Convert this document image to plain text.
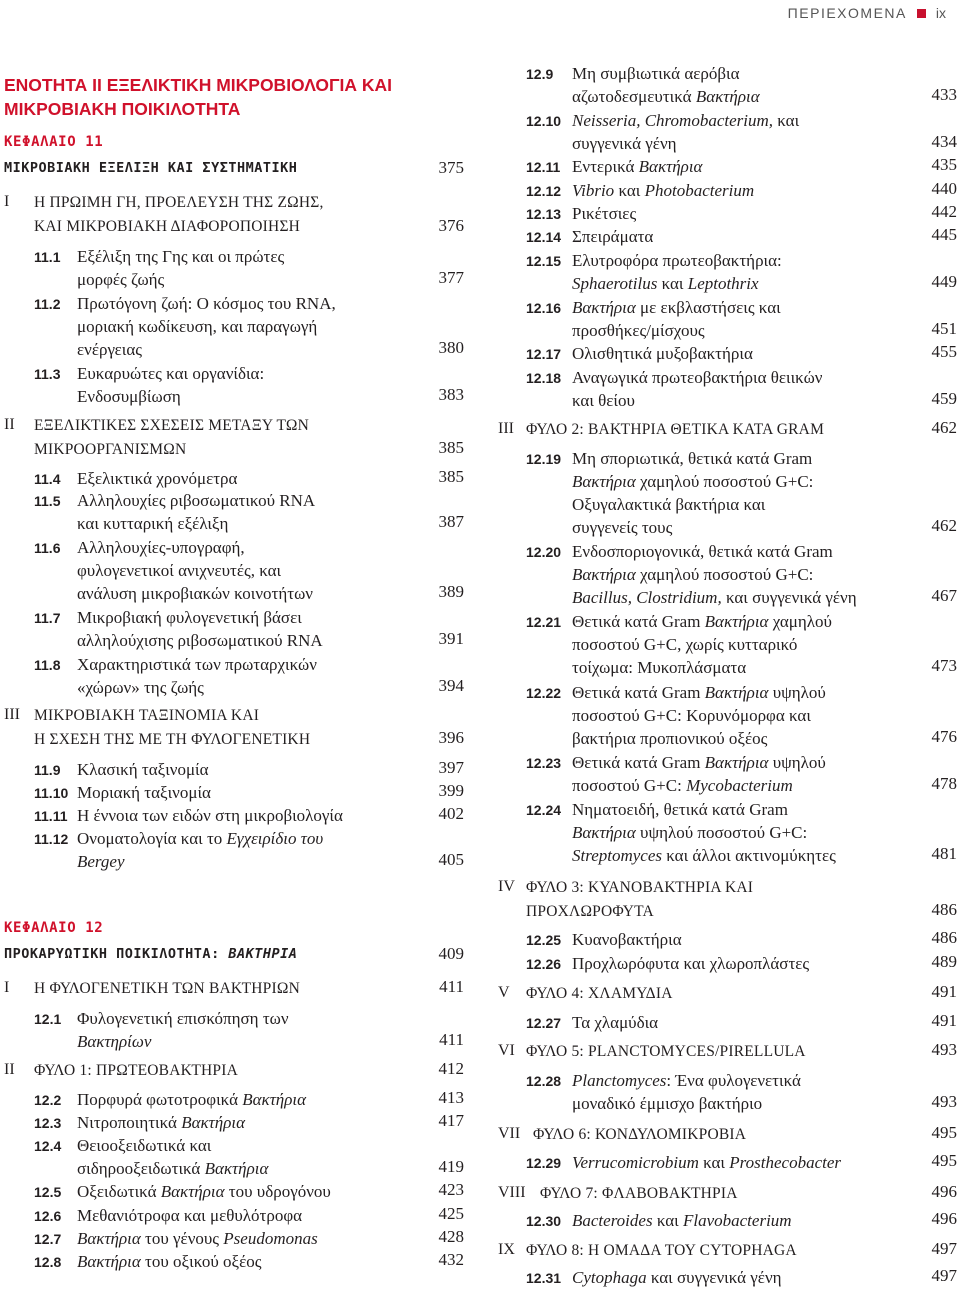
ΠΕΡΙΕΧΟΜΕΝΑ ix
ΕΝΟΤΗΤΑ ΙΙ ΕΞΕΛΙΚΤΙΚΗ ΜΙΚΡΟΒΙΟΛΟΓΙΑ ΚΑΙ
ΜΙΚΡΟΒΙΑΚΗ ΠΟΙΚΙΛΟΤΗΤΑ
ΚΕΦΑΛΑΙΟ 11
ΜΙΚΡΟΒΙΑΚΗ ΕΞΕΛΙΞΗ ΚΑΙ ΣΥΣΤΗΜΑΤΙΚΗ	375
I Η ΠΡΩΙΜΗ ΓΗ, ΠΡΟΕΛΕΥΣΗ ΤΗΣ ΖΩΗΣ,
ΚΑΙ ΜΙΚΡΟΒΙΑΚΗ ΔΙΑΦΟΡΟΠΟΙΗΣΗ	376
11.1 Εξέλιξη της Γης και οι πρώτες
μορφές ζωής	377
11.2 Πρωτόγονη ζωή: Ο κόσμος του RNA,
μοριακή κωδίκευση, και παραγωγή
ενέργειας	380
11.3 Ευκαρυώτες και οργανίδια:
Ενδοσυμβίωση	383
II ΕΞΕΛΙΚΤΙΚΕΣ ΣΧΕΣΕΙΣ ΜΕΤΑΞΥ ΤΩΝ
ΜΙΚΡΟΟΡΓΑΝΙΣΜΩΝ	385
11.4 Εξελικτικά χρονόμετρα	385
11.5 Αλληλουχίες ριβοσωματικού RNA
και κυτταρική εξέλιξη	387
11.6 Αλληλουχίες-υπογραφή,
φυλογενετικοί ανιχνευτές, και
ανάλυση μικροβιακών κοινοτήτων	389
11.7 Μικροβιακή φυλογενετική βάσει
αλληλούχισης ριβοσωματικού RNA	391
11.8 Χαρακτηριστικά των πρωταρχικών
«χώρων» της ζωής	394
III ΜΙΚΡΟΒΙΑΚΗ ΤΑΞΙΝΟΜΙΑ ΚΑΙ
Η ΣΧΕΣΗ ΤΗΣ ΜΕ ΤΗ ΦΥΛΟΓΕΝΕΤΙΚΗ	396
11.9 Κλασική ταξινομία	397
11.10 Μοριακή ταξινομία	399
11.11 Η έννοια των ειδών στη μικροβιολογία	402
11.12 Ονοματολογία και το Εγχειρίδιο του
Bergey	405
ΚΕΦΑΛΑΙΟ 12
ΠΡΟΚΑΡΥΩΤΙΚΗ ΠΟΙΚΙΛΟΤΗΤΑ: ΒΑΚΤΗΡΙΑ	409
I Η ΦΥΛΟΓΕΝΕΤΙΚΗ ΤΩΝ ΒΑΚΤΗΡΙΩΝ	411
12.1 Φυλογενετική επισκόπηση των
Βακτηρίων	411
II ΦΥΛΟ 1: ΠΡΩΤΕΟΒΑΚΤΗΡΙΑ	412
12.2 Πορφυρά φωτοτροφικά Βακτήρια	413
12.3 Νιτροποιητικά Βακτήρια	417
12.4 Θειοοξειδωτικά και
σιδηροοξειδωτικά Βακτήρια	419
12.5 Οξειδωτικά Βακτήρια του υδρογόνου	423
12.6 Μεθανιότροφα και μεθυλότροφα	425
12.7 Βακτήρια του γένους Pseudomonas	428
12.8 Βακτήρια του οξικού οξέος	432
12.9 Μη συμβιωτικά αερόβια
αζωτοδεσμευτικά Βακτήρια	433
12.10 Neisseria, Chromobacterium, και
συγγενικά γένη	434
12.11 Εντερικά Βακτήρια	435
12.12 Vibrio και Photobacterium	440
12.13 Ρικέτσιες	442
12.14 Σπειράματα	445
12.15 Ελυτροφόρα πρωτεοβακτήρια:
Sphaerotilus και Leptothrix	449
12.16 Βακτήρια με εκβλαστήσεις και
προσθήκες/μίσχους	451
12.17 Ολισθητικά μυξοβακτήρια	455
12.18 Αναγωγικά πρωτεοβακτήρια θειικών
και θείου	459
III ΦΥΛΟ 2: ΒΑΚΤΗΡΙΑ ΘΕΤΙΚΑ ΚΑΤΑ GRAM	462
12.19 Μη σποριωτικά, θετικά κατά Gram
Βακτήρια χαμηλού ποσοστού G+C:
Οξυγαλακτικά βακτήρια και
συγγενείς τους	462
12.20 Ενδοσποριογονικά, θετικά κατά Gram
Βακτήρια χαμηλού ποσοστού G+C:
Bacillus, Clostridium, και συγγενικά γένη	467
12.21 Θετικά κατά Gram Βακτήρια χαμηλού
ποσοστού G+C, χωρίς κυτταρικό
τοίχωμα: Μυκοπλάσματα	473
12.22 Θετικά κατά Gram Βακτήρια υψηλού
ποσοστού G+C: Κορυνόμορφα και
βακτήρια προπιονικού οξέος	476
12.23 Θετικά κατά Gram Βακτήρια υψηλού
ποσοστού G+C: Mycobacterium	478
12.24 Νηματοειδή, θετικά κατά Gram
Βακτήρια υψηλού ποσοστού G+C:
Streptomyces και άλλοι ακτινομύκητες	481
IV ΦΥΛΟ 3: ΚΥΑΝΟΒΑΚΤΗΡΙΑ ΚΑΙ
ΠΡΟΧΛΩΡΟΦΥΤΑ	486
12.25 Κυανοβακτήρια	486
12.26 Προχλωρόφυτα και χλωροπλάστες	489
V ΦΥΛΟ 4: ΧΛΑΜΥΔΙΑ	491
12.27 Τα χλαμύδια	491
VI ΦΥΛΟ 5: PLANCTOMYCES/PIRELLULA	493
12.28 Planctomyces: Ένα φυλογενετικά
μοναδικό έμμισχο βακτήριο	493
VII ΦΥΛΟ 6: ΚΟΝΔΥΛΟΜΙΚΡΟΒΙΑ	495
12.29 Verrucomicrobium και Prosthecobacter	495
VIII ΦΥΛΟ 7: ΦΛΑΒΟΒΑΚΤΗΡΙΑ	496
12.30 Bacteroides και Flavobacterium	496
IX ΦΥΛΟ 8: Η ΟΜΑΔΑ ΤΟΥ CYTOPHAGA	497
12.31 Cytophaga και συγγενικά γένη	497
